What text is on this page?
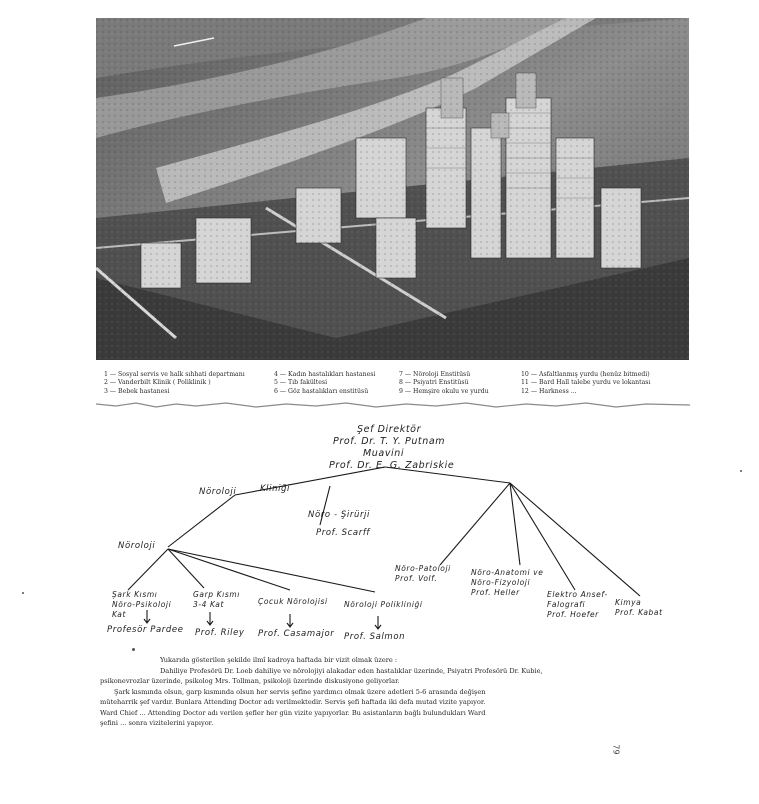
1 — Sosyal servis ve halk sıhhati departmanı
2 — Vanderbilt Klinik ( Poliklinik )
3 — Bebek hastanesi
4 — Kadın hastalıkları hastanesi
5 — Tıb fakültesi
6 — Göz hastalıkları enstitüsü
7 — Nöroloji Enstitüsü
8 — Psiyatri Enstitüsü
9 — Hemşire okulu ve yurdu
10 — Asfaltlanmış yurdu (henüz bitmedi)
11 — Bard Hall talebe yurdu ve lokantası
12 — Harkness ...
Şef Direktör
Prof. Dr. T. Y. Putnam
Muavini
Prof. Dr. E. G. Zabriskie
Nöroloji	Kliniği
Nöro - Şirürji
Prof. Scarff
Nöroloji
Şark Kısmı
Nöro-Psikoloji
Kat
Garp Kısmı
3-4 Kat	Çocuk Nörolojisi Nöroloji Polikliniği
Profesör Pardee Prof. Riley Prof. Casamajor Prof. Salmon
Nöro-Patoloji
Prof. Volf.
Nöro-Anatomi ve
Nöro-Fizyoloji
Prof. Heller	Elektro Ansef-
Falografi
Prof. Hoefer
Kimya
Prof. Kabat

Yukarıda gösterilen şekilde ilmî kadroya haftada bir vizit olmak üzere :

Dahiliye Profesörü Dr. Loeb dahiliye ve nörolojiyi alakadar eden hastalıklar üzerinde, Psiyatri Profesörü Dr. Kubie,

psikonevrozlar üzerinde, psikolog Mrs. Tollman, psikoloji üzerinde diskusiyone geliyorlar.

Şark kısmında olsun, garp kısmında olsun her servis şefine yardımcı olmak üzere adetleri 5-6 arasında değişen

müteharrik şef vardır. Bunlara Attending Doctor adı verilmektedir. Servis şefi haftada iki defa mutad vizite yapıyor.

Ward Chief ... Attending Doctor adı verilen şefler her gün vizite yapıyorlar. Bu asistanların bağlı bulundukları Ward

şefini ... sonra vizitelerini yapıyor.

79
